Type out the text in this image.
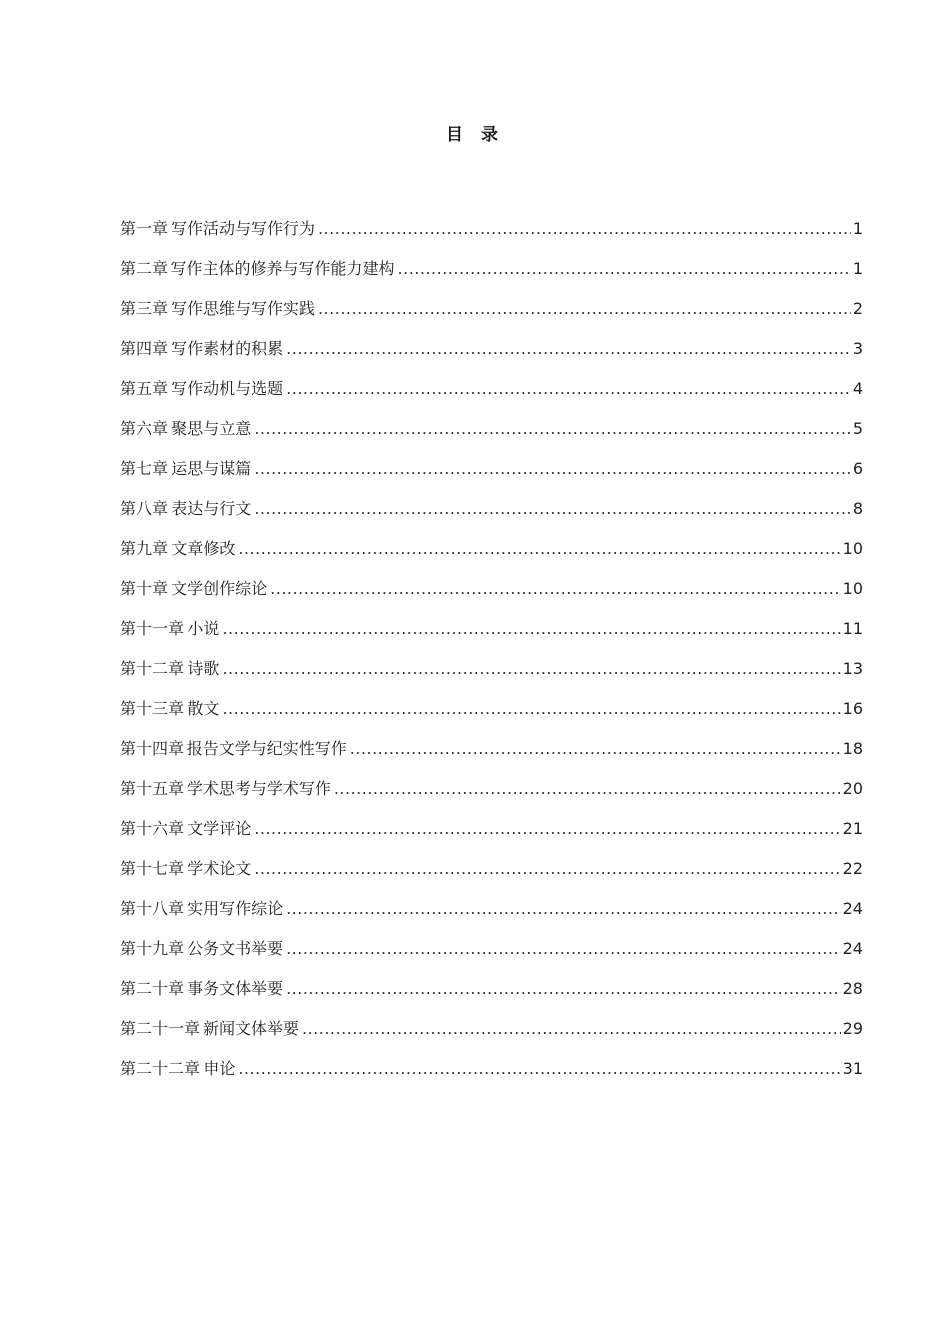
目 录
第一章 写作活动与写作行为 .....	1
第二章 写作主体的修养与写作能力建构 .....	1
第三章 写作思维与写作实践 .....	2
第四章 写作素材的积累 .....	3
第五章 写作动机与选题 .....	4
第六章 聚思与立意 .....	5
第七章 运思与谋篇 .....	6
第八章 表达与行文 .....	8
第九章 文章修改 .....	10
第十章 文学创作综论 .....	10
第十一章 小说 .....	11
第十二章 诗歌 .....	13
第十三章 散文 .....	16
第十四章 报告文学与纪实性写作 .....	18
第十五章 学术思考与学术写作 .....	20
第十六章 文学评论 .....	21
第十七章 学术论文 .....	22
第十八章 实用写作综论 .....	24
第十九章 公务文书举要 .....	24
第二十章 事务文体举要 .....	28
第二十一章 新闻文体举要 .....	29
第二十二章 申论 .....	31
